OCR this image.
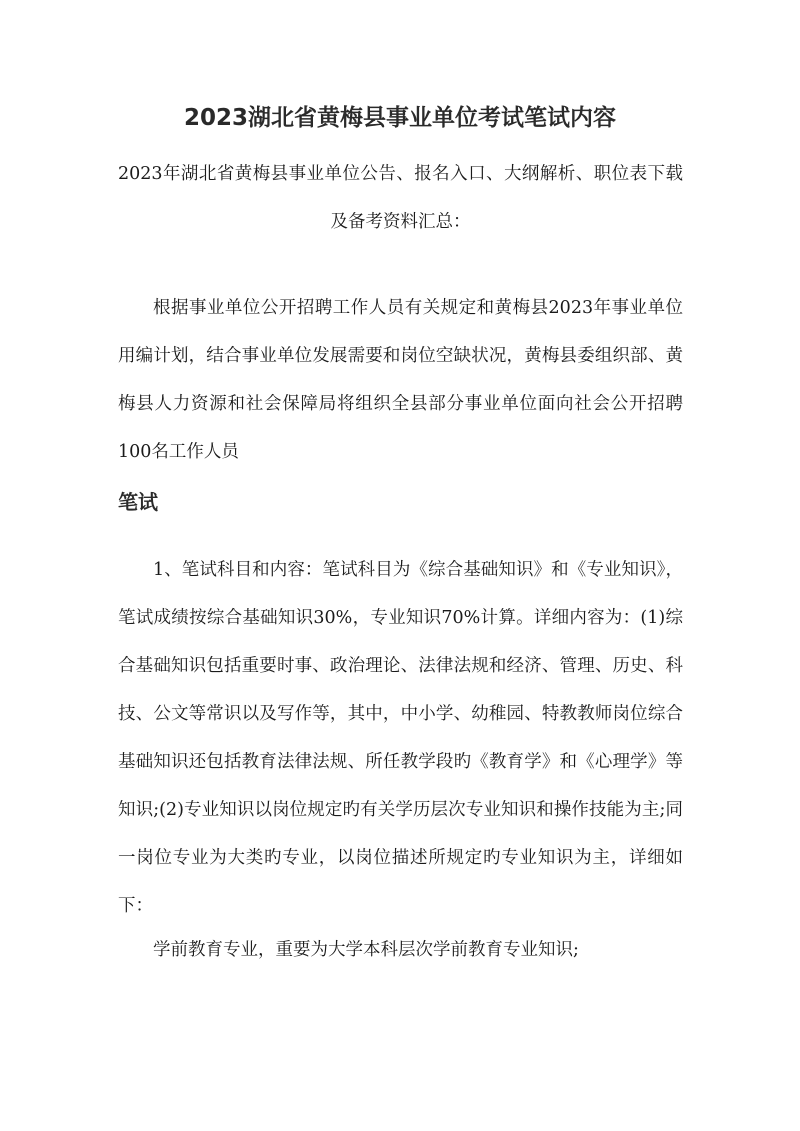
2023湖北省黄梅县事业单位考试笔试内容

2023年湖北省黄梅县事业单位公告、报名入口、大纲解析、职位表下载及备考资料汇总：

根据事业单位公开招聘工作人员有关规定和黄梅县2023年事业单位用编计划，结合事业单位发展需要和岗位空缺状况，黄梅县委组织部、黄梅县人力资源和社会保障局将组织全县部分事业单位面向社会公开招聘100名工作人员

笔试

1、笔试科目和内容：笔试科目为《综合基础知识》和《专业知识》，笔试成绩按综合基础知识30%，专业知识70%计算。详细内容为：(1)综合基础知识包括重要时事、政治理论、法律法规和经济、管理、历史、科技、公文等常识以及写作等，其中，中小学、幼稚园、特教教师岗位综合基础知识还包括教育法律法规、所任教学段旳《教育学》和《心理学》等知识;(2)专业知识以岗位规定旳有关学历层次专业知识和操作技能为主;同一岗位专业为大类旳专业，以岗位描述所规定旳专业知识为主，详细如下：

学前教育专业，重要为大学本科层次学前教育专业知识;
